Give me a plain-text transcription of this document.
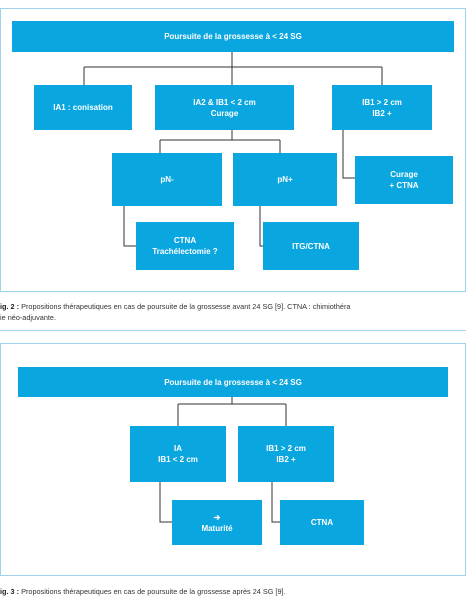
Poursuite de la grossesse à < 24 SG
IA1 : conisation
IA2 & IB1 < 2 cm
Curage
IB1 > 2 cm
IB2 +
pN-	pN+
Curage
+ CTNA
CTNA
Trachélectomie ?
ITG/CTNA
ig. 2 : Propositions thérapeutiques en cas de poursuite de la grossesse avant 24 SG [9]. CTNA : chimiothéra
ie néo-adjuvante.
Poursuite de la grossesse à < 24 SG
IA
IB1 < 2 cm
IB1 > 2 cm
IB2 +
➔
Maturité
CTNA
ig. 3 : Propositions thérapeutiques en cas de poursuite de la grossesse après 24 SG [9].
